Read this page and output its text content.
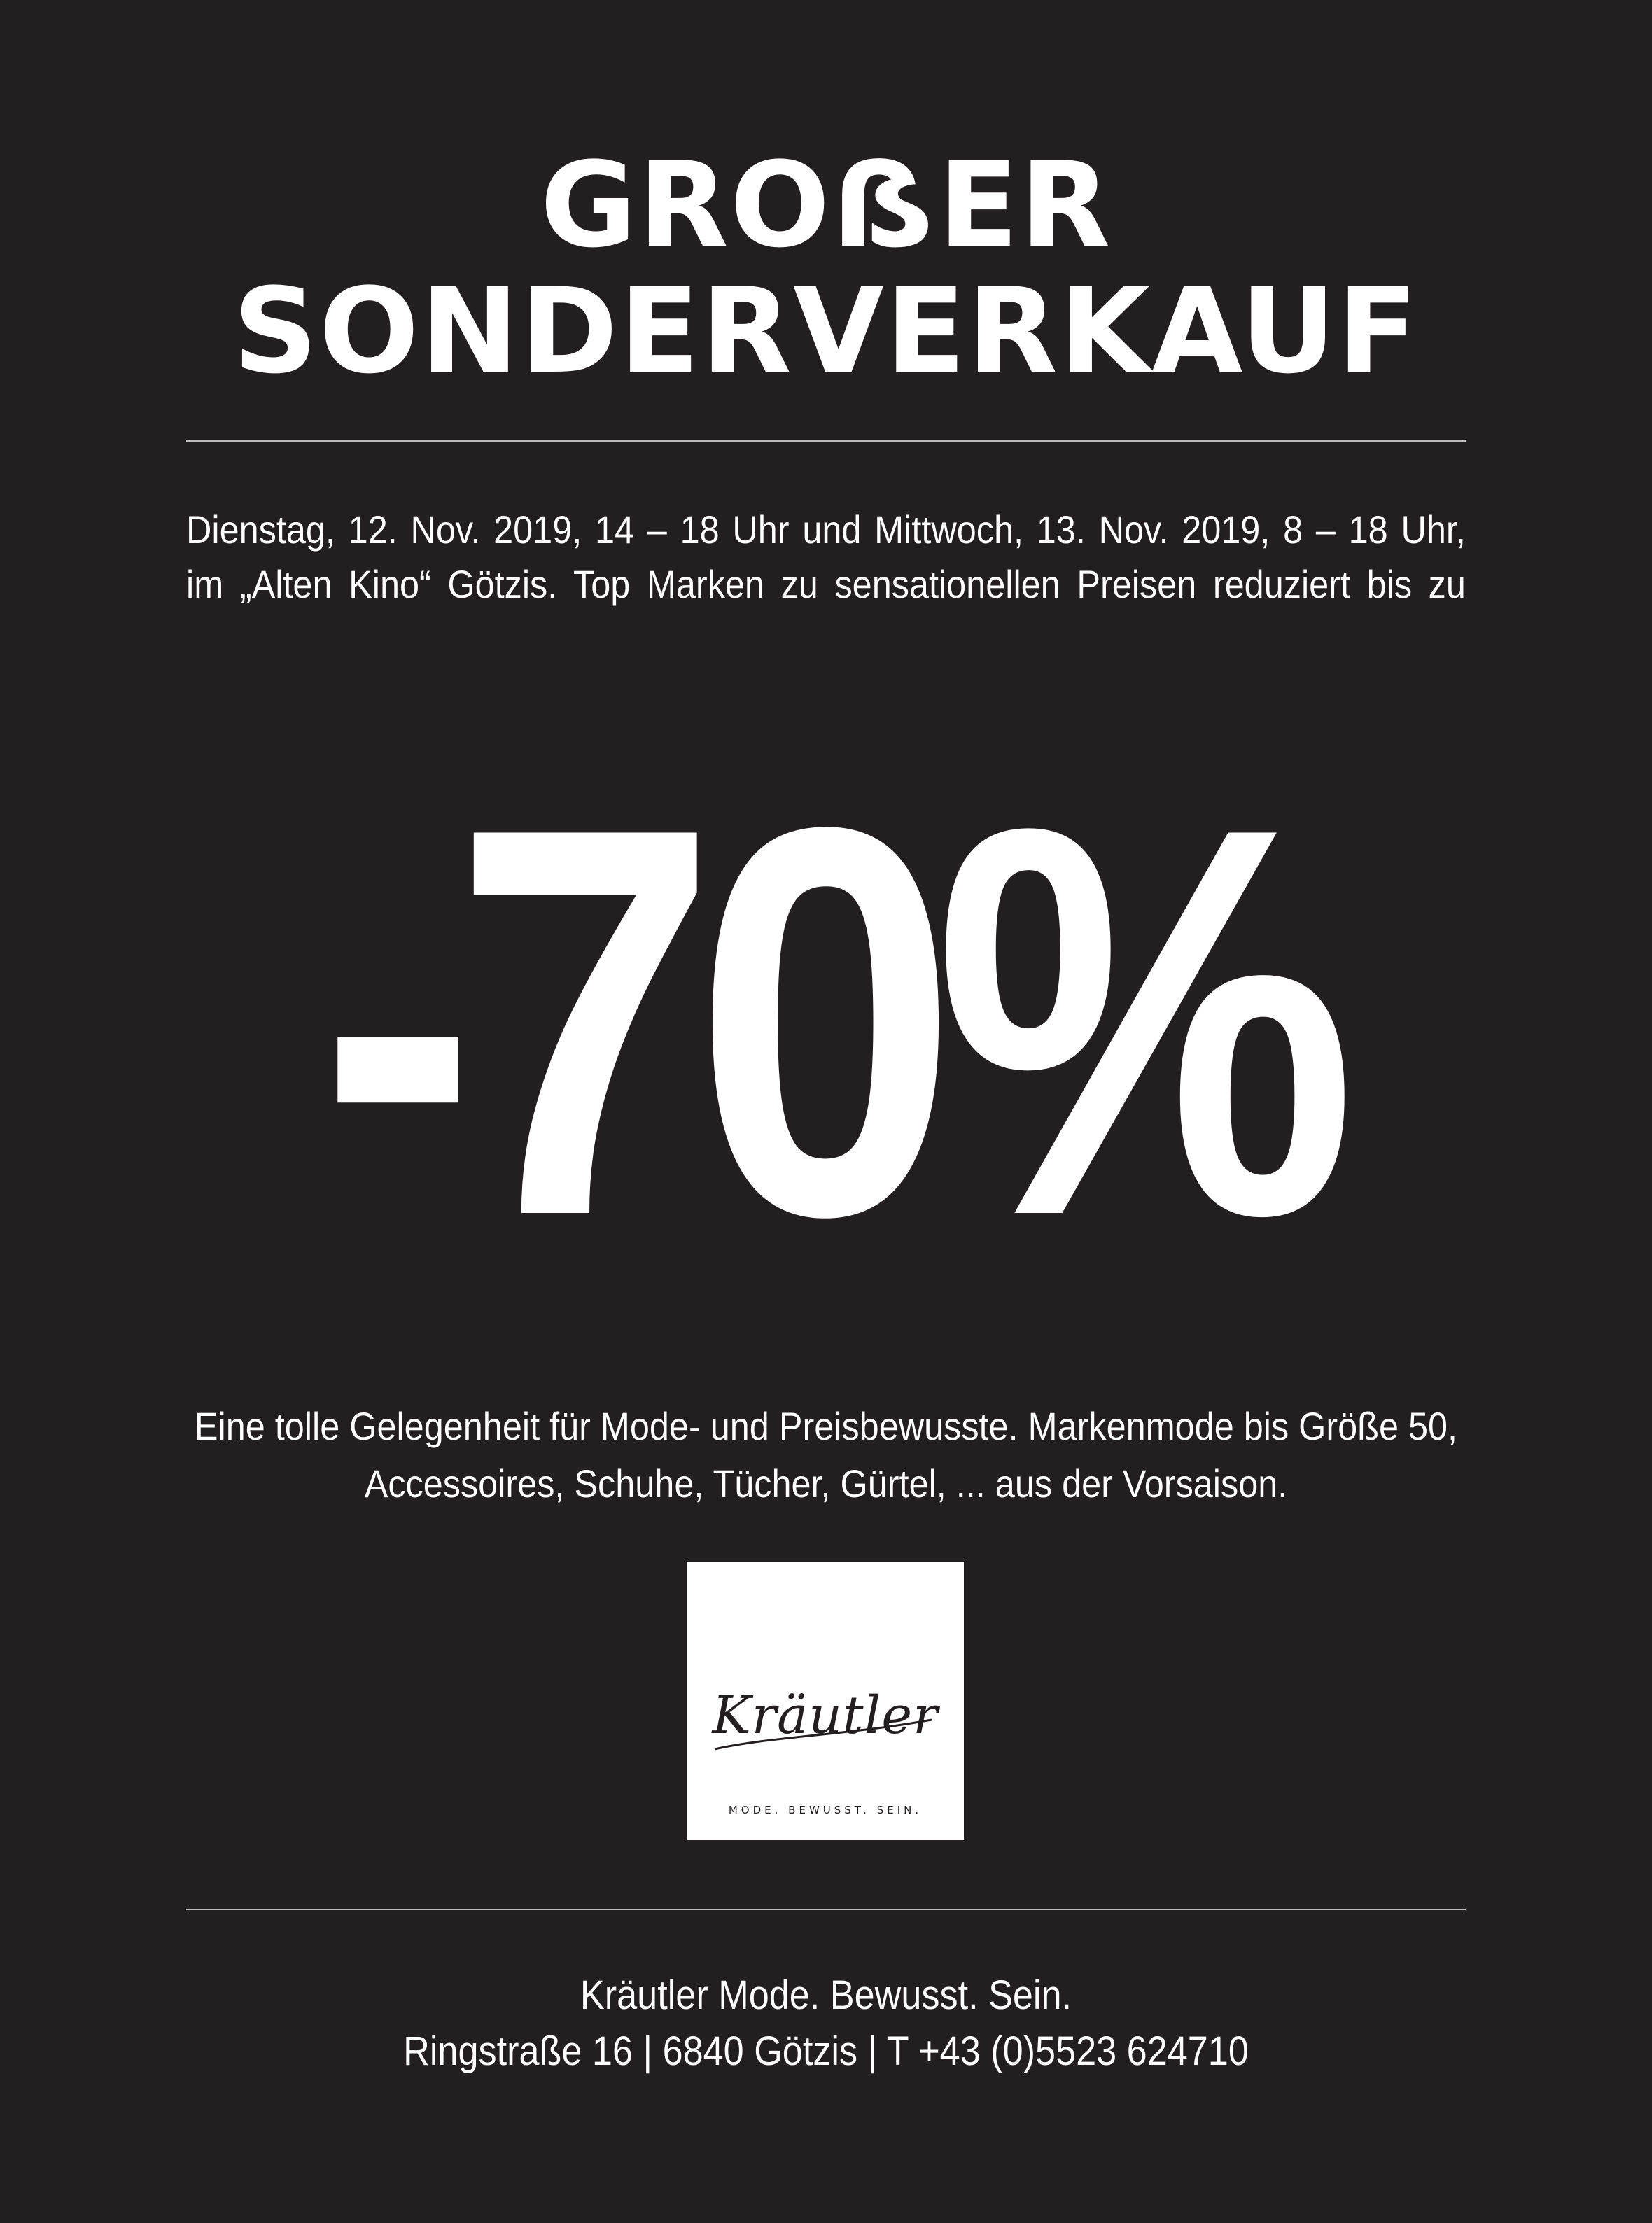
GROẞER
SONDERVERKAUF
Dienstag, 12. Nov. 2019, 14 – 18 Uhr und Mittwoch, 13. Nov. 2019, 8 – 18 Uhr,
im „Alten Kino“ Götzis. Top Marken zu sensationellen Preisen reduziert bis zu
-70%
Eine tolle Gelegenheit für Mode- und Preisbewusste. Markenmode bis Größe 50,
Accessoires, Schuhe, Tücher, Gürtel, ... aus der Vorsaison.
Kräutler
MODE. BEWUSST. SEIN.
Kräutler Mode. Bewusst. Sein.
Ringstraße 16 | 6840 Götzis | T +43 (0)5523 624710
